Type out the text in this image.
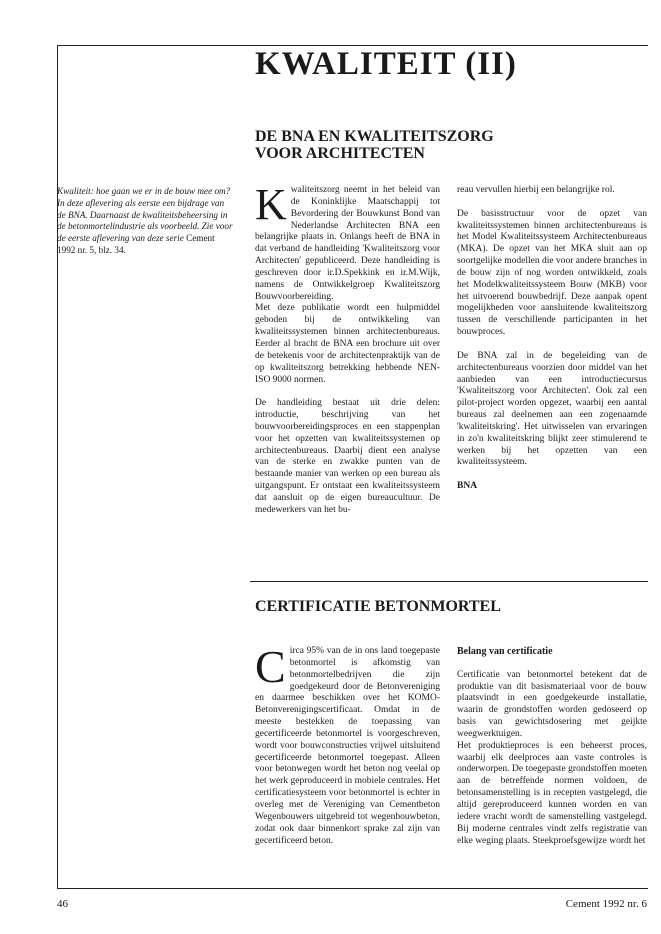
KWALITEIT (II)

DE BNA EN KWALITEITSZORG

VOOR ARCHITECTEN

Kwaliteit: hoe gaan we er in de bouw mee om? In deze aflevering als eerste een bijdrage van de BNA. Daarnaast de kwaliteitsbeheersing in de betonmortelindustrie als voorbeeld. Zie voor de eerste aflevering van deze serie Cement 1992 nr. 5, blz. 34.

Kwaliteitszorg neemt in het beleid van de Koninklijke Maatschappij tot Bevordering der Bouwkunst Bond van Nederlandse Architecten BNA een belangrijke plaats in. Onlangs heeft de BNA in dat verband de handleiding 'Kwaliteitszorg voor Architecten' gepubliceerd. Deze handleiding is geschreven door ir.D.Spekkink en ir.M.Wijk, namens de Ontwikkelgroep Kwaliteitszorg Bouwvoorbereiding.
Met deze publikatie wordt een hulpmiddel geboden bij de ontwikkeling van kwaliteitssystemen binnen architectenbureaus. Eerder al bracht de BNA een brochure uit over de betekenis voor de architectenpraktijk van de op kwaliteitszorg betrekking hebbende NEN-ISO 9000 normen.

De handleiding bestaat uit drie delen: introductie, beschrijving van het bouwvoorbereidingsproces en een stappenplan voor het opzetten van kwaliteitssystemen op architectenbureaus. Daarbij dient een analyse van de sterke en zwakke punten van de bestaande manier van werken op een bureau als uitgangspunt. Er ontstaat een kwaliteitssysteem dat aansluit op de eigen bureaucultuur. De medewerkers van het bu-

reau vervullen hierbij een belangrijke rol.

De basisstructuur voor de opzet van kwaliteitssystemen binnen architectenbureaus is het Model Kwaliteitssysteem Architectenbureaus (MKA). De opzet van het MKA sluit aan op soortgelijke modellen die voor andere branches in de bouw zijn of nog worden ontwikkeld, zoals het Modelkwaliteitssysteem Bouw (MKB) voor het uitvoerend bouwbedrijf. Deze aanpak opent mogelijkheden voor aansluitende kwaliteitszorg tussen de verschillende participanten in het bouwproces.

De BNA zal in de begeleiding van de architectenbureaus voorzien door middel van het aanbieden van een introductiecursus 'Kwaliteitszorg voor Architecten'. Ook zal een pilot-project worden opgezet, waarbij een aantal bureaus zal deelnemen aan een zogenaamde 'kwaliteitskring'. Het uitwisselen van ervaringen in zo'n kwaliteitskring blijkt zeer stimulerend te werken bij het opzetten van een kwaliteitssysteem.

BNA

CERTIFICATIE BETONMORTEL

Circa 95% van de in ons land toegepaste betonmortel is afkomstig van betonmortelbedrijven die zijn goedgekeurd door de Betonvereniging en daarmee beschikken over het KOMO-Betonverenigingscertificaat. Omdat in de meeste bestekken de toepassing van gecertificeerde betonmortel is voorgeschreven, wordt voor bouwconstructies vrijwel uitsluitend gecertificeerde betonmortel toegepast. Alleen voor betonwegen wordt het beton nog veelal op het werk geproduceerd in mobiele centrales. Het certificatiesysteem voor betonmortel is echter in overleg met de Vereniging van Cementbeton Wegenbouwers uitgebreid tot wegenbouwbeton, zodat ook daar binnenkort sprake zal zijn van gecertificeerd beton.

Belang van certificatie

Certificatie van betonmortel betekent dat de produktie van dit basismateriaal voor de bouw plaatsvindt in een goedgekeurde installatie, waarin de grondstoffen worden gedoseerd op basis van gewichtsdosering met geijkte weegwerktuigen.
Het produktieproces is een beheerst proces, waarbij elk deelproces aan vaste controles is onderworpen. De toegepaste grondstoffen moeten aan de betreffende normen voldoen, de betonsamenstelling is in recepten vastgelegd, die altijd gereproduceerd kunnen worden en van iedere vracht wordt de samenstelling vastgelegd. Bij moderne centrales vindt zelfs registratie van elke weging plaats. Steekproefsgewijze wordt het
46	Cement 1992 nr. 6
